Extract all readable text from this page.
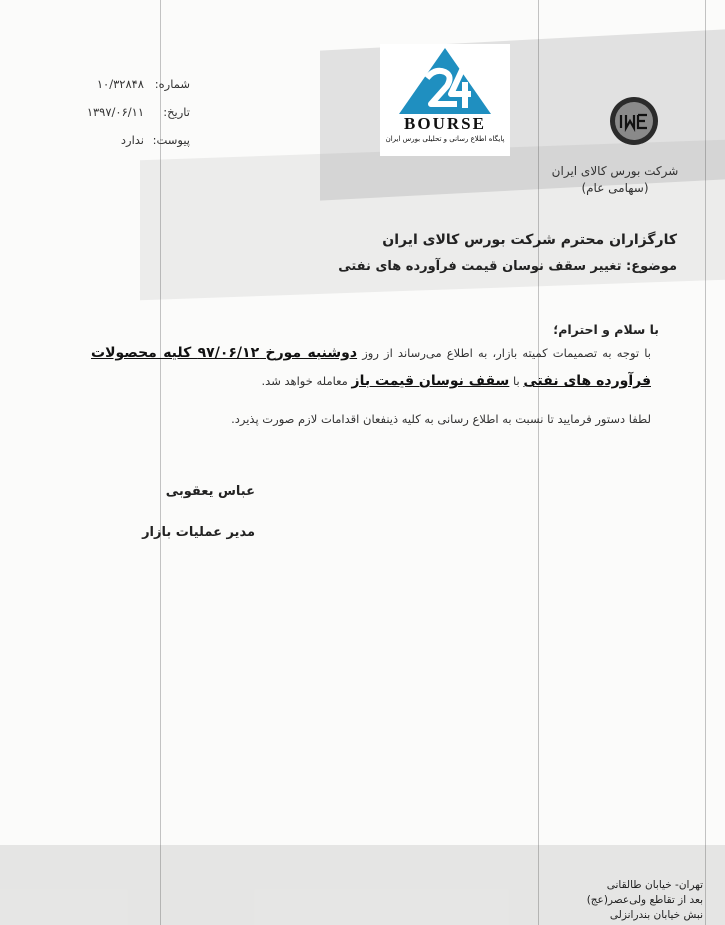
شماره:
۱۰/۳۲۸۴۸
تاریخ:
۱۳۹۷/۰۶/۱۱
پیوست:
ندارد
BOURSE
پایگاه اطلاع رسانی و تحلیلی بورس ایران
شرکت بورس کالای ایران
(سهامی عام)
کارگزاران محترم شرکت بورس کالای ایران
موضوع: تغییر سقف نوسان قیمت فرآورده های نفتی
با سلام و احترام؛
با توجه به تصمیمات کمیته بازار، به اطلاع می‌رساند از روز دوشنبه مورخ ۹۷/۰۶/۱۲ کلیه محصولات فرآورده های نفتی با سقف نوسان قیمت باز معامله خواهد شد.
لطفا دستور فرمایید تا نسبت به اطلاع رسانی به کلیه ذینفعان اقدامات لازم صورت پذیرد.
عباس یعقوبی
مدیر عملیات بازار
تهران- خیابان طالقانی
بعد از تقاطع ولی‌عصر(عج)
نبش خیابان بندرانزلی
